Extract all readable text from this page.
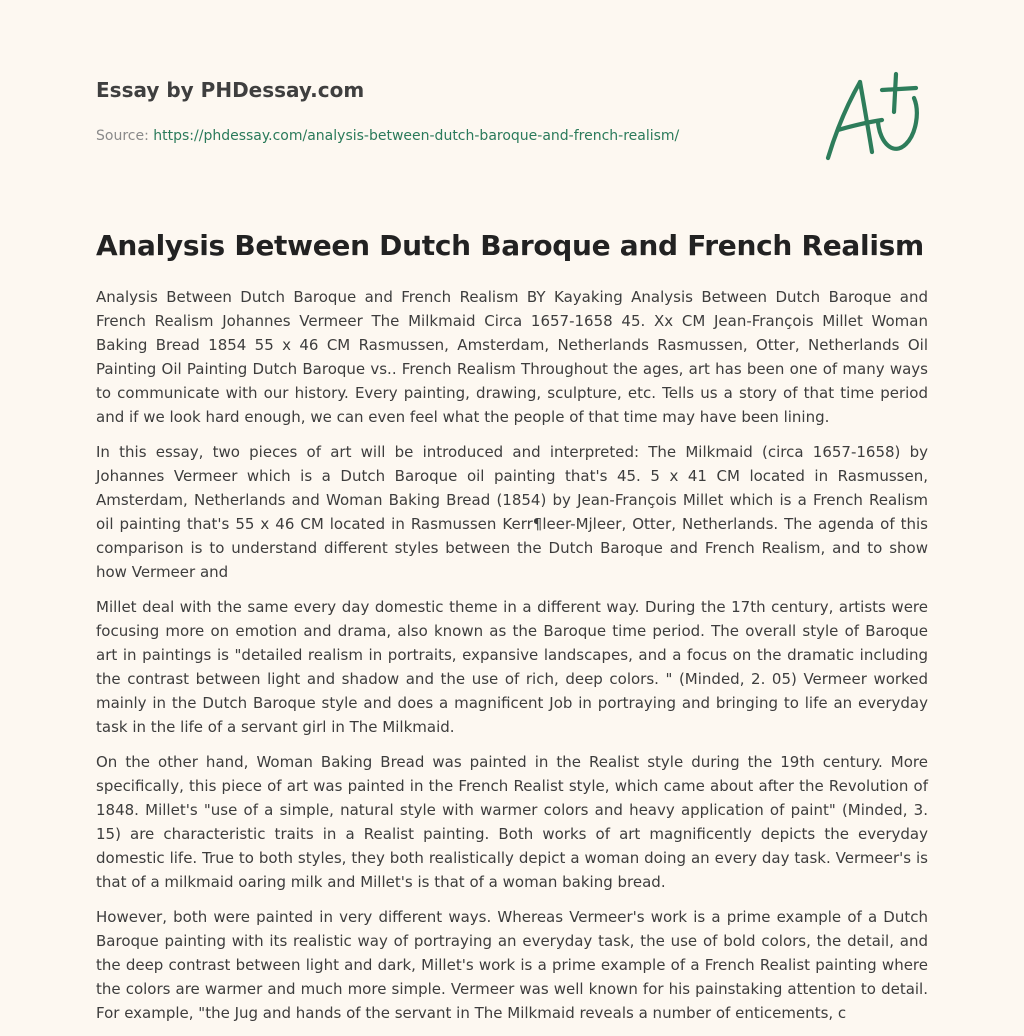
Essay by PHDessay.com
Source: https://phdessay.com/analysis-between-dutch-baroque-and-french-realism/
Analysis Between Dutch Baroque and French Realism

Analysis Between Dutch Baroque and French Realism BY Kayaking Analysis Between Dutch Baroque and French Realism Johannes Vermeer The Milkmaid Circa 1657-1658 45. Xx CM Jean-François Millet Woman Baking Bread 1854 55 x 46 CM Rasmussen, Amsterdam, Netherlands Rasmussen, Otter, Netherlands Oil Painting Oil Painting Dutch Baroque vs.. French Realism Throughout the ages, art has been one of many ways to communicate with our history. Every painting, drawing, sculpture, etc. Tells us a story of that time period and if we look hard enough, we can even feel what the people of that time may have been lining.

In this essay, two pieces of art will be introduced and interpreted: The Milkmaid (circa 1657-1658) by Johannes Vermeer which is a Dutch Baroque oil painting that's 45. 5 x 41 CM located in Rasmussen, Amsterdam, Netherlands and Woman Baking Bread (1854) by Jean-François Millet which is a French Realism oil painting that's 55 x 46 CM located in Rasmussen Kerr¶leer-Mjleer, Otter, Netherlands. The agenda of this comparison is to understand different styles between the Dutch Baroque and French Realism, and to show how Vermeer and

Millet deal with the same every day domestic theme in a different way. During the 17th century, artists were focusing more on emotion and drama, also known as the Baroque time period. The overall style of Baroque art in paintings is "detailed realism in portraits, expansive landscapes, and a focus on the dramatic including the contrast between light and shadow and the use of rich, deep colors. " (Minded, 2. 05) Vermeer worked mainly in the Dutch Baroque style and does a magnificent Job in portraying and bringing to life an everyday task in the life of a servant girl in The Milkmaid.

On the other hand, Woman Baking Bread was painted in the Realist style during the 19th century. More specifically, this piece of art was painted in the French Realist style, which came about after the Revolution of 1848. Millet's "use of a simple, natural style with warmer colors and heavy application of paint" (Minded, 3. 15) are characteristic traits in a Realist painting. Both works of art magnificently depicts the everyday domestic life. True to both styles, they both realistically depict a woman doing an every day task. Vermeer's is that of a milkmaid oaring milk and Millet's is that of a woman baking bread.

However, both were painted in very different ways. Whereas Vermeer's work is a prime example of a Dutch Baroque painting with its realistic way of portraying an everyday task, the use of bold colors, the detail, and the deep contrast between light and dark, Millet's work is a prime example of a French Realist painting where the colors are warmer and much more simple. Vermeer was well known for his painstaking attention to detail. For example, "the Jug and hands of the servant in The Milkmaid reveals a number of enticements, c
